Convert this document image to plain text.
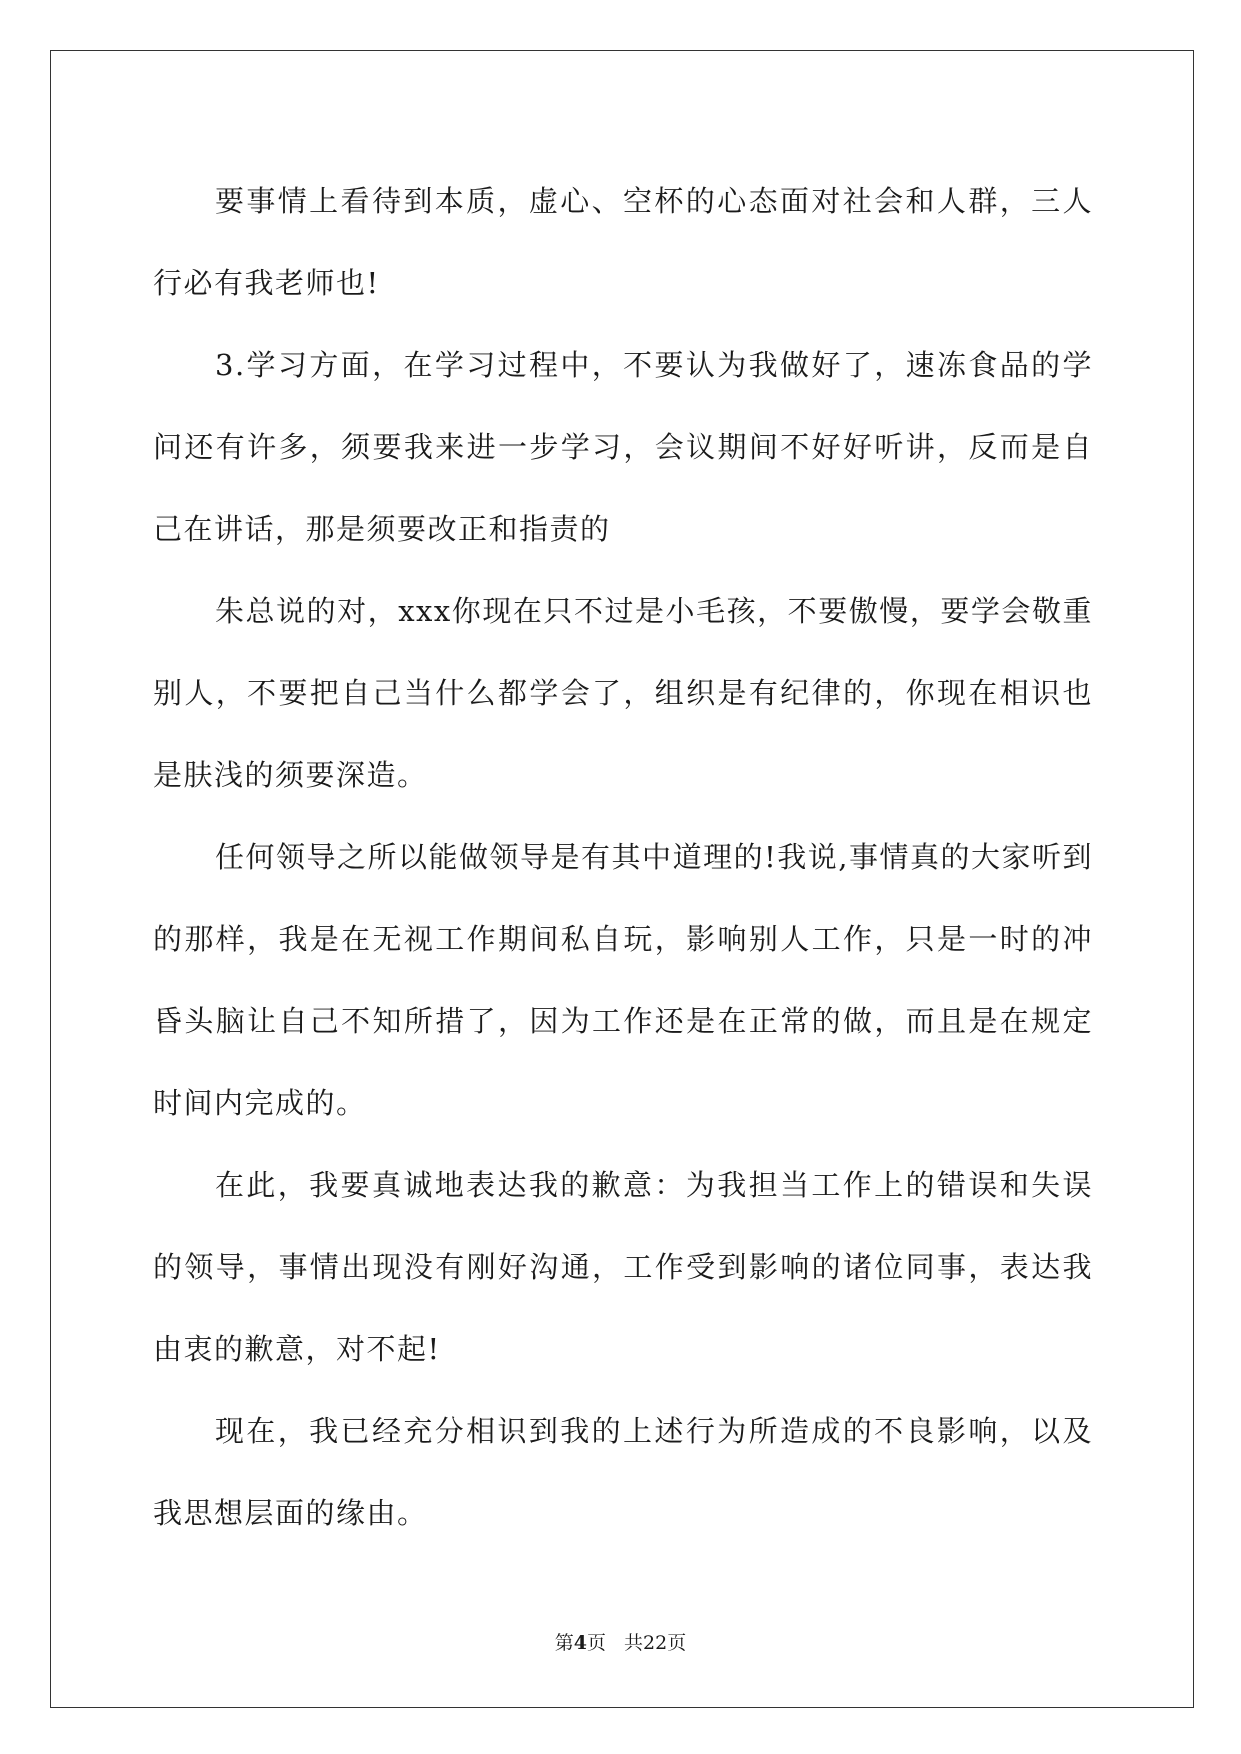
要事情上看待到本质，虚心、空杯的心态面对社会和人群，三人行必有我老师也!

3.学习方面，在学习过程中，不要认为我做好了，速冻食品的学问还有许多，须要我来进一步学习，会议期间不好好听讲，反而是自己在讲话，那是须要改正和指责的

朱总说的对，xxx你现在只不过是小毛孩，不要傲慢，要学会敬重别人，不要把自己当什么都学会了，组织是有纪律的，你现在相识也是肤浅的须要深造。

任何领导之所以能做领导是有其中道理的!我说,事情真的大家听到的那样，我是在无视工作期间私自玩，影响别人工作，只是一时的冲昏头脑让自己不知所措了，因为工作还是在正常的做，而且是在规定时间内完成的。

在此，我要真诚地表达我的歉意：为我担当工作上的错误和失误的领导，事情出现没有刚好沟通，工作受到影响的诸位同事，表达我由衷的歉意，对不起!

现在，我已经充分相识到我的上述行为所造成的不良影响，以及我思想层面的缘由。

第4页 共22页
